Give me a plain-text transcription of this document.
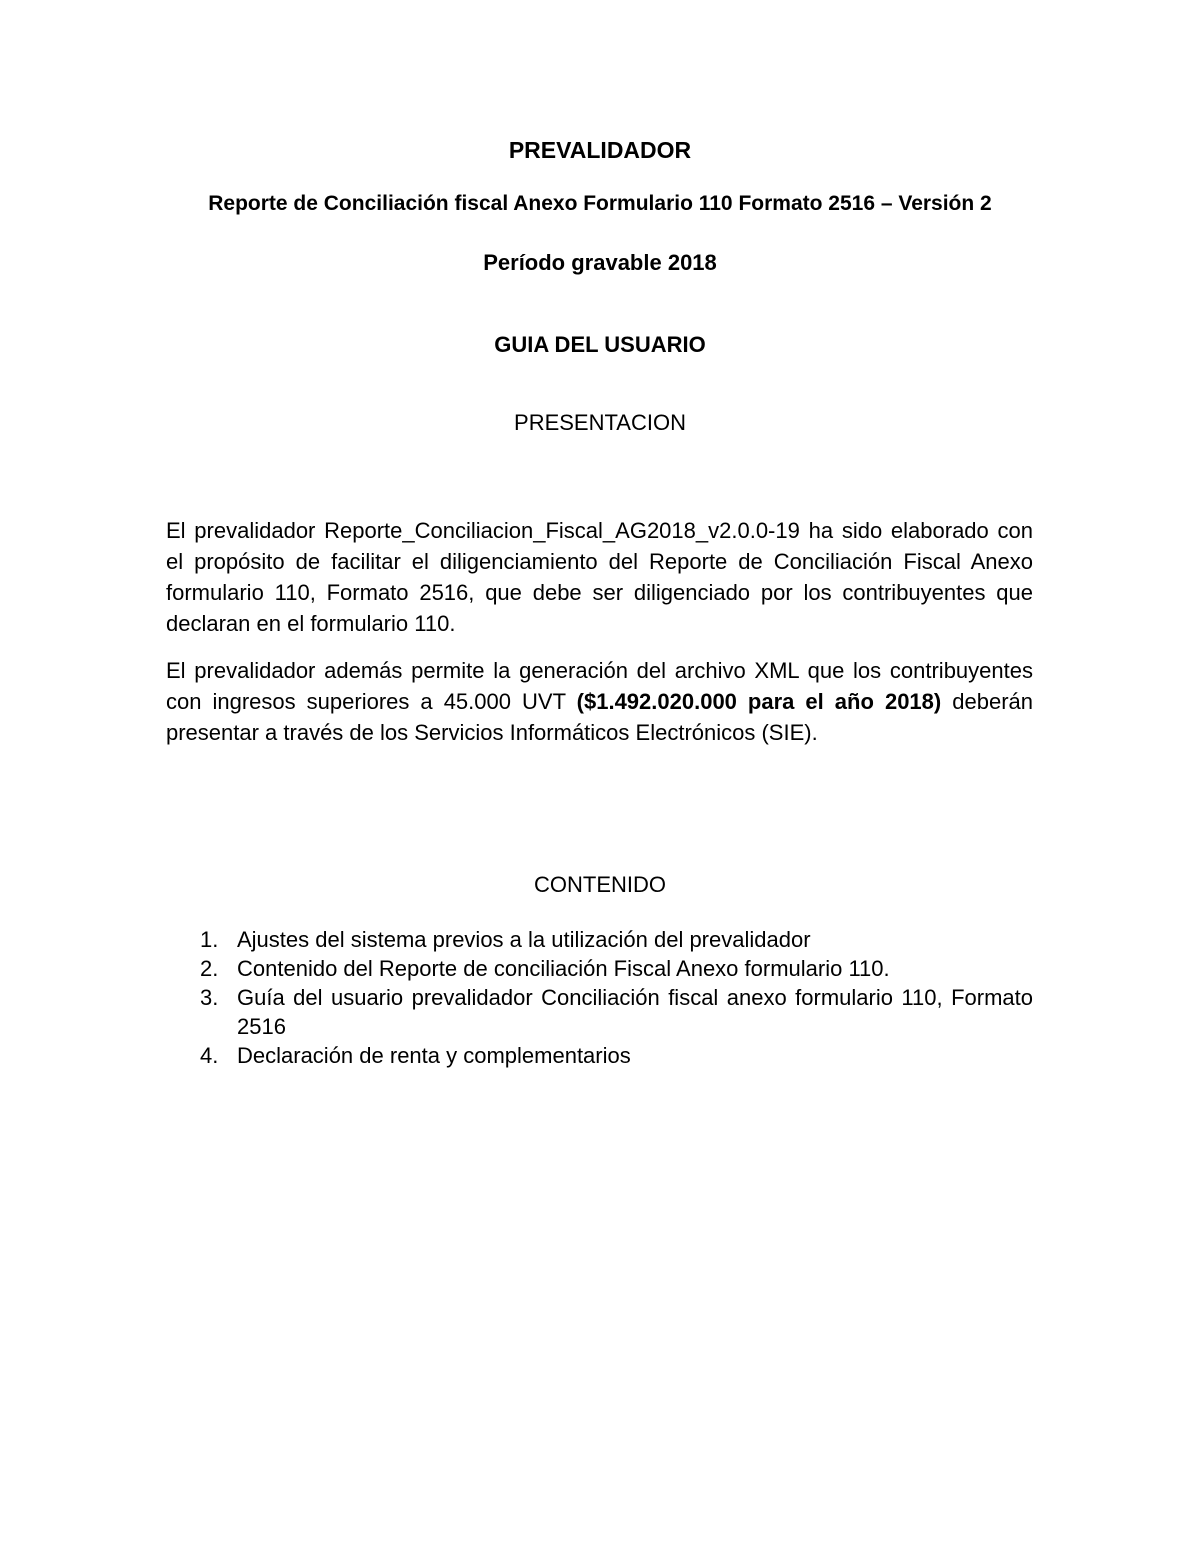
PREVALIDADOR
Reporte de Conciliación fiscal Anexo Formulario 110 Formato 2516 – Versión 2
Período gravable 2018
GUIA DEL USUARIO
PRESENTACION

El prevalidador Reporte_Conciliacion_Fiscal_AG2018_v2.0.0-19 ha sido elaborado con el propósito de facilitar el diligenciamiento del Reporte de Conciliación Fiscal Anexo formulario 110, Formato 2516, que debe ser diligenciado por los contribuyentes que declaran en el formulario 110.

El prevalidador además permite la generación del archivo XML que los contribuyentes con ingresos superiores a 45.000 UVT ($1.492.020.000 para el año 2018) deberán presentar a través de los Servicios Informáticos Electrónicos (SIE).

CONTENIDO
1. Ajustes del sistema previos a la utilización del prevalidador
2. Contenido del Reporte de conciliación Fiscal Anexo formulario 110.
3. Guía del usuario prevalidador Conciliación fiscal anexo formulario 110, Formato 2516
4. Declaración de renta y complementarios
